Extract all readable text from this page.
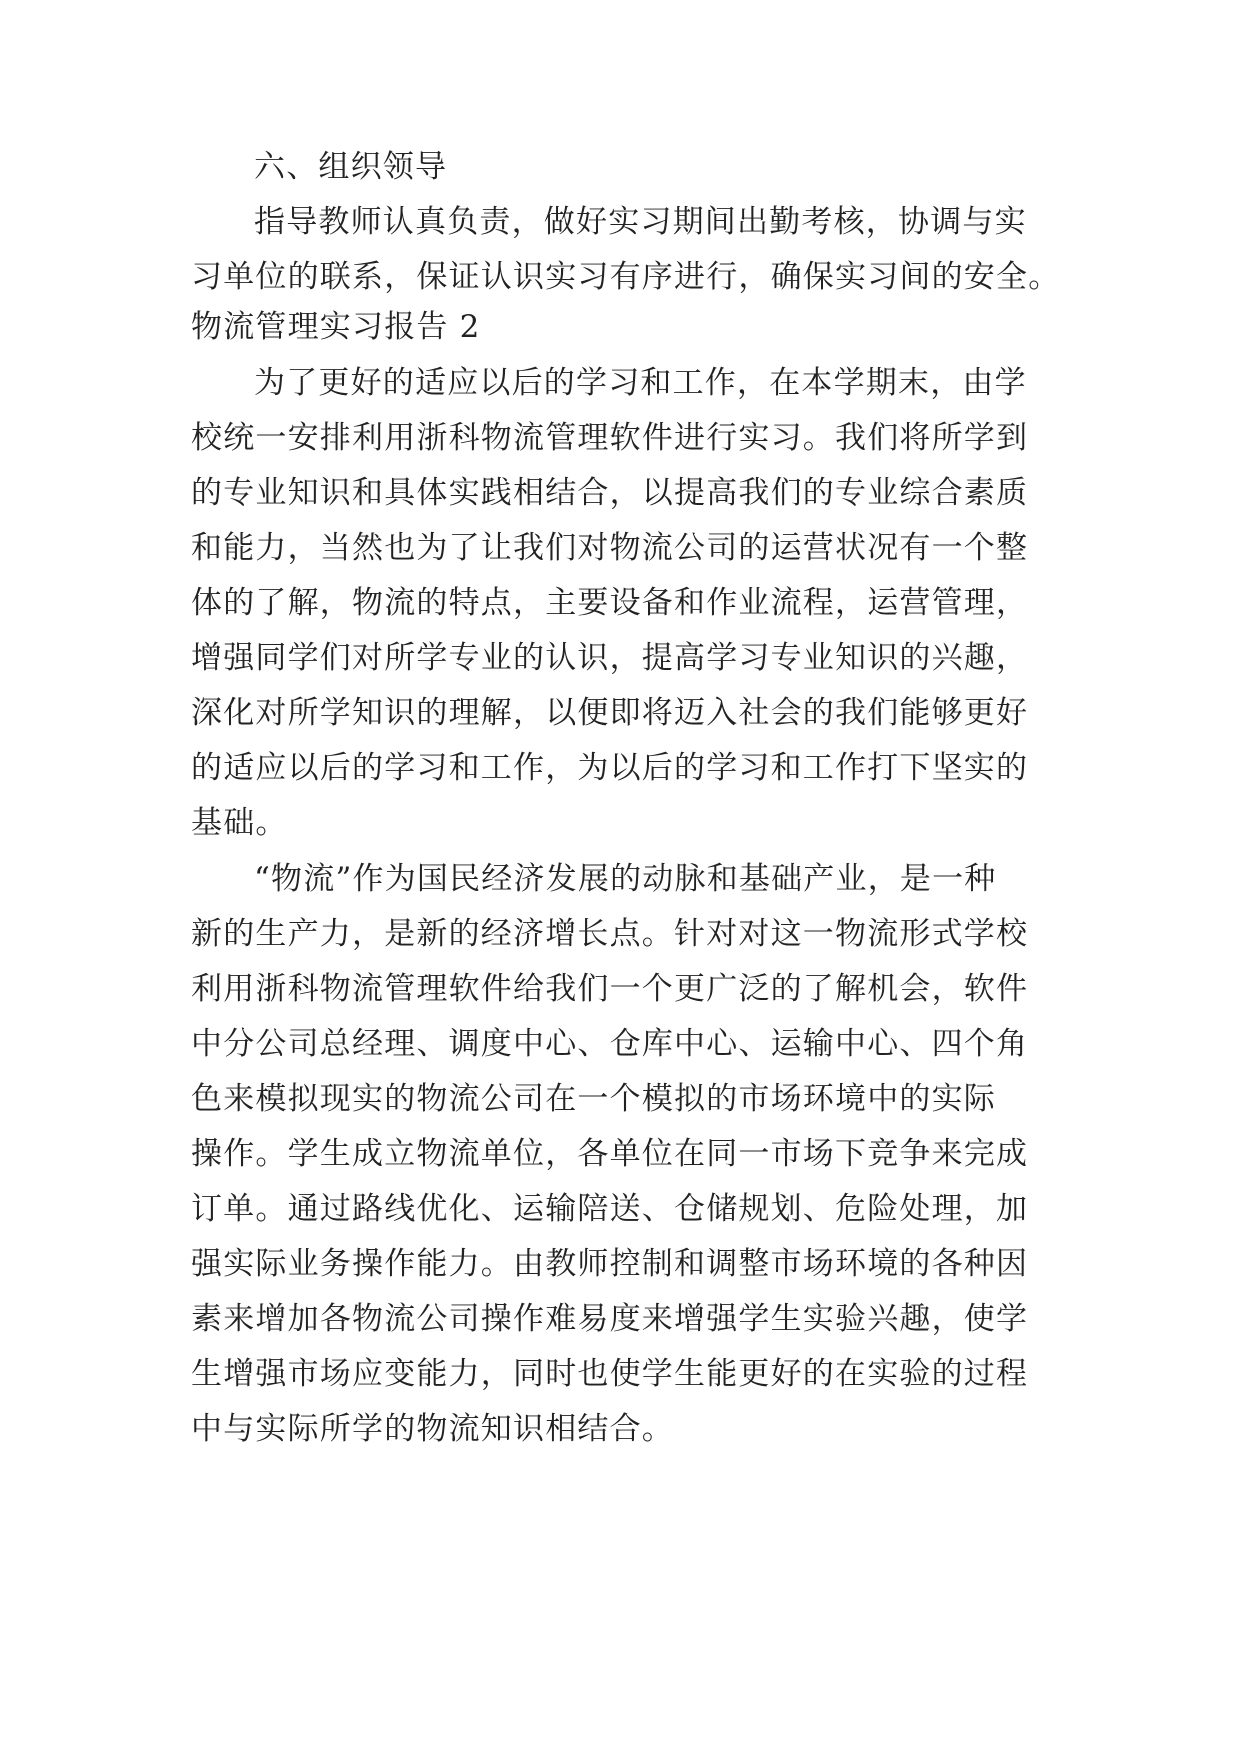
六、组织领导
指导教师认真负责，做好实习期间出勤考核，协调与实
习单位的联系，保证认识实习有序进行，确保实习间的安全。
物流管理实习报告 2
为了更好的适应以后的学习和工作，在本学期末，由学
校统一安排利用浙科物流管理软件进行实习。我们将所学到
的专业知识和具体实践相结合，以提高我们的专业综合素质
和能力，当然也为了让我们对物流公司的运营状况有一个整
体的了解，物流的特点，主要设备和作业流程，运营管理，
增强同学们对所学专业的认识，提高学习专业知识的兴趣，
深化对所学知识的理解，以便即将迈入社会的我们能够更好
的适应以后的学习和工作，为以后的学习和工作打下坚实的
基础。
“物流”作为国民经济发展的动脉和基础产业，是一种
新的生产力，是新的经济增长点。针对对这一物流形式学校
利用浙科物流管理软件给我们一个更广泛的了解机会，软件
中分公司总经理、调度中心、仓库中心、运输中心、四个角
色来模拟现实的物流公司在一个模拟的市场环境中的实际
操作。学生成立物流单位，各单位在同一市场下竞争来完成
订单。通过路线优化、运输陪送、仓储规划、危险处理，加
强实际业务操作能力。由教师控制和调整市场环境的各种因
素来增加各物流公司操作难易度来增强学生实验兴趣，使学
生增强市场应变能力，同时也使学生能更好的在实验的过程
中与实际所学的物流知识相结合。
